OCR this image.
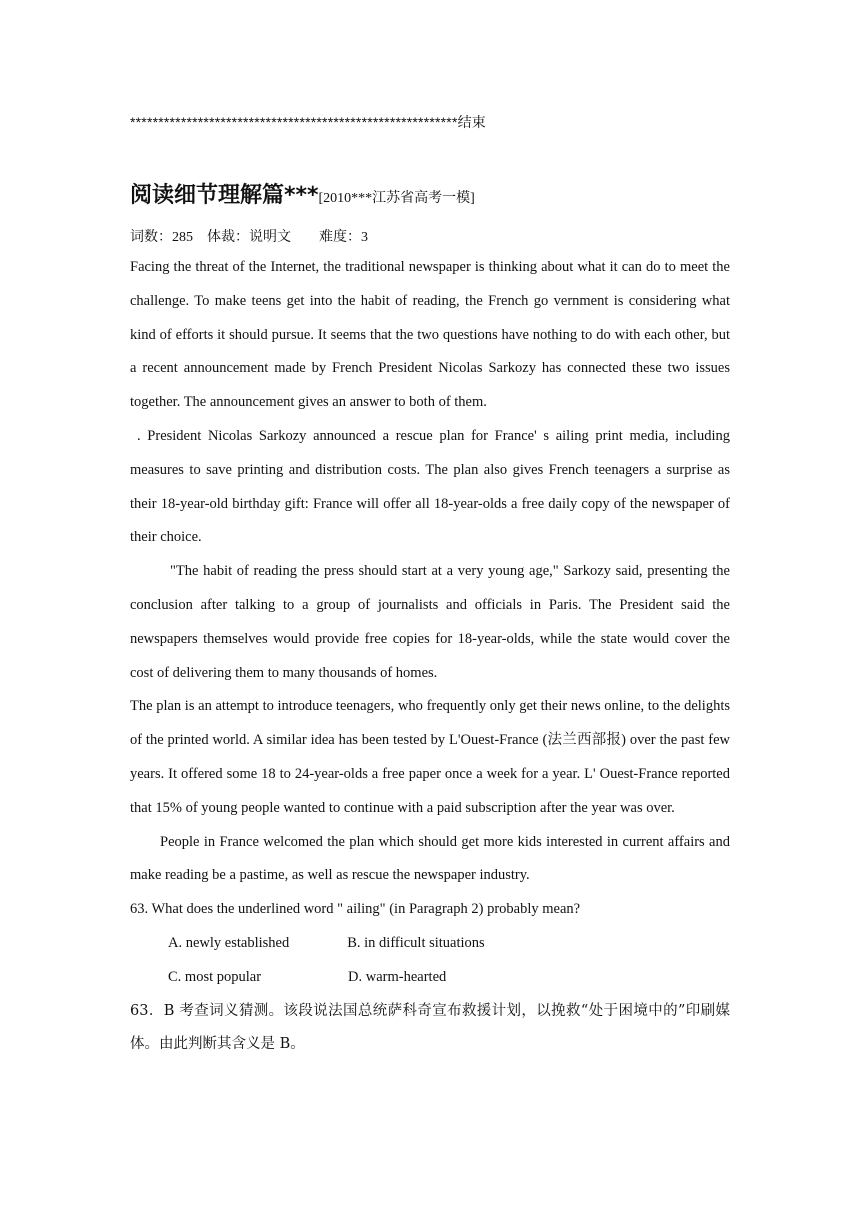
**********************************************************结束
阅读细节理解篇***[2010***江苏省高考一模]
词数：285    体裁：说明文        难度：3

Facing the threat of the Internet, the traditional newspaper is thinking about what it can do to meet the challenge. To make teens get into the habit of reading, the French go vernment is considering what kind of efforts it should pursue. It seems that the two questions have nothing to do with each other, but a recent announcement made by French President Nicolas Sarkozy has connected these two issues together. The announcement gives an answer to both of them.

. President Nicolas Sarkozy announced a rescue plan for France' s ailing print media, including measures to save printing and distribution costs. The plan also gives French teenagers a surprise as their 18-year-old birthday gift: France will offer all 18-year-olds a free daily copy of the newspaper of their choice.

"The habit of reading the press should start at a very young age," Sarkozy said, presenting the conclusion after talking to a group of journalists and officials in Paris. The President said the newspapers themselves would provide free copies for 18-year-olds, while the state would cover the cost of delivering them to many thousands of homes.

The plan is an attempt to introduce teenagers, who frequently only get their news online, to the delights of the printed world. A similar idea has been tested by L'Ouest-France (法兰西部报) over the past few years. It offered some 18 to 24-year-olds a free paper once a week for a year. L' Ouest-France reported that 15% of young people wanted to continue with a paid subscription after the year was over.

People in France welcomed the plan which should get more kids interested in current affairs and make reading be a pastime, as well as rescue the newspaper industry.

63. What does the underlined word " ailing" (in Paragraph 2) probably mean?

A. newly established                B. in difficult situations

C. most popular                        D. warm-hearted

63．B 考查词义猜测。该段说法国总统萨科奇宣布救援计划，以挽救“处于困境中的”印刷媒体。由此判断其含义是 B。
